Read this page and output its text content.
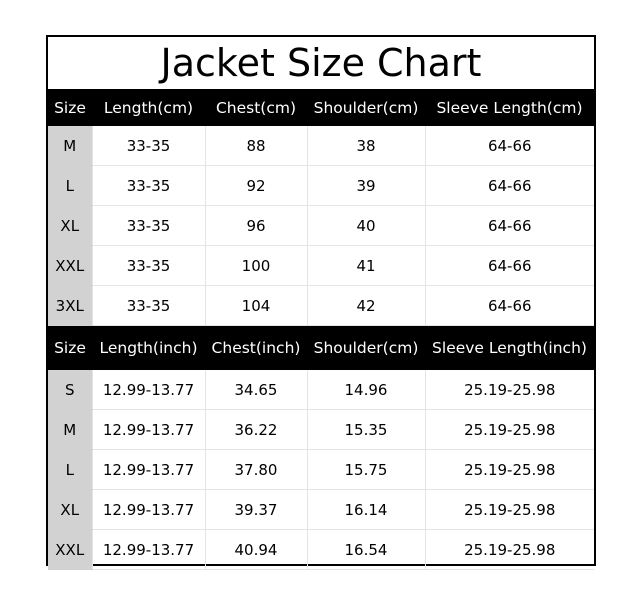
Jacket Size Chart
Size	Length(cm)	Chest(cm)	Shoulder(cm)	Sleeve Length(cm)
M	33-35	88	38	64-66
L	33-35	92	39	64-66
XL	33-35	96	40	64-66
XXL	33-35	100	41	64-66
3XL	33-35	104	42	64-66
Size	Length(inch)	Chest(inch)	Shoulder(cm)	Sleeve Length(inch)
S	12.99-13.77	34.65	14.96	25.19-25.98
M	12.99-13.77	36.22	15.35	25.19-25.98
L	12.99-13.77	37.80	15.75	25.19-25.98
XL	12.99-13.77	39.37	16.14	25.19-25.98
XXL	12.99-13.77	40.94	16.54	25.19-25.98
